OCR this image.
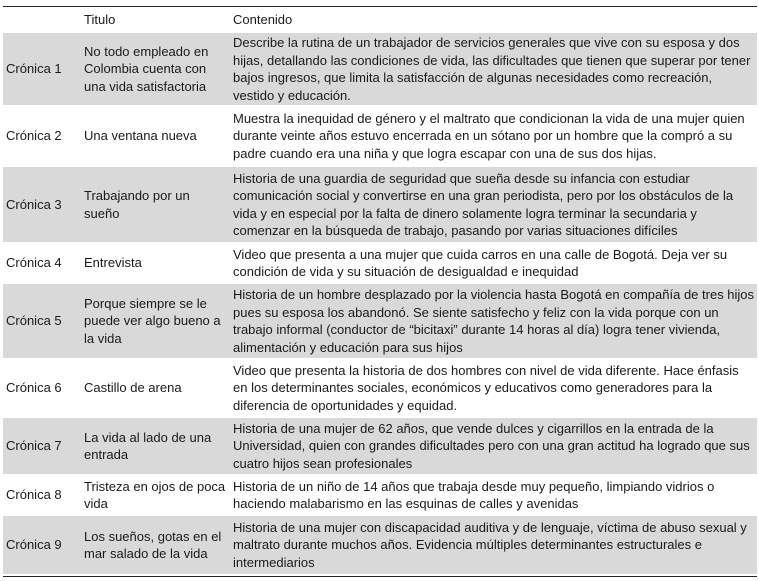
	Titulo	Contenido
Crónica 1	No todo empleado en Colombia cuenta con una vida satisfactoria	Describe la rutina de un trabajador de servicios generales que vive con su esposa y dos hijas, detallando las condiciones de vida, las dificultades que tienen que superar por tener bajos ingresos, que limita la satisfacción de algunas necesidades como recreación, vestido y educación.
Crónica 2	Una ventana nueva	Muestra la inequidad de género y el maltrato que condicionan la vida de una mujer quien durante veinte años estuvo encerrada en un sótano por un hombre que la compró a su padre cuando era una niña y que logra escapar con una de sus dos hijas.
Crónica 3	Trabajando por un sueño	Historia de una guardia de seguridad que sueña desde su infancia con estudiar comunicación social y convertirse en una gran periodista, pero por los obstáculos de la vida y en especial por la falta de dinero solamente logra terminar la secundaria y comenzar en la búsqueda de trabajo, pasando por varias situaciones difíciles
Crónica 4	Entrevista	Video que presenta a una mujer que cuida carros en una calle de Bogotá. Deja ver su condición de vida y su situación de desigualdad e inequidad
Crónica 5	Porque siempre se le puede ver algo bueno a la vida	Historia de un hombre desplazado por la violencia hasta Bogotá en compañía de tres hijos pues su esposa los abandonó. Se siente satisfecho y feliz con la vida porque con un trabajo informal (conductor de “bicitaxi” durante 14 horas al día) logra tener vivienda, alimentación y educación para sus hijos
Crónica 6	Castillo de arena	Video que presenta la historia de dos hombres con nivel de vida diferente. Hace énfasis en los determinantes sociales, económicos y educativos como generadores para la diferencia de oportunidades y equidad.
Crónica 7	La vida al lado de una entrada	Historia de una mujer de 62 años, que vende dulces y cigarrillos en la entrada de la Universidad, quien con grandes dificultades pero con una gran actitud ha logrado que sus cuatro hijos sean profesionales
Crónica 8	Tristeza en ojos de poca vida	Historia de un niño de 14 años que trabaja desde muy pequeño, limpiando vidrios o haciendo malabarismo en las esquinas de calles y avenidas
Crónica 9	Los sueños, gotas en el mar salado de la vida	Historia de una mujer con discapacidad auditiva y de lenguaje, víctima de abuso sexual y maltrato durante muchos años. Evidencia múltiples determinantes estructurales e intermediarios
